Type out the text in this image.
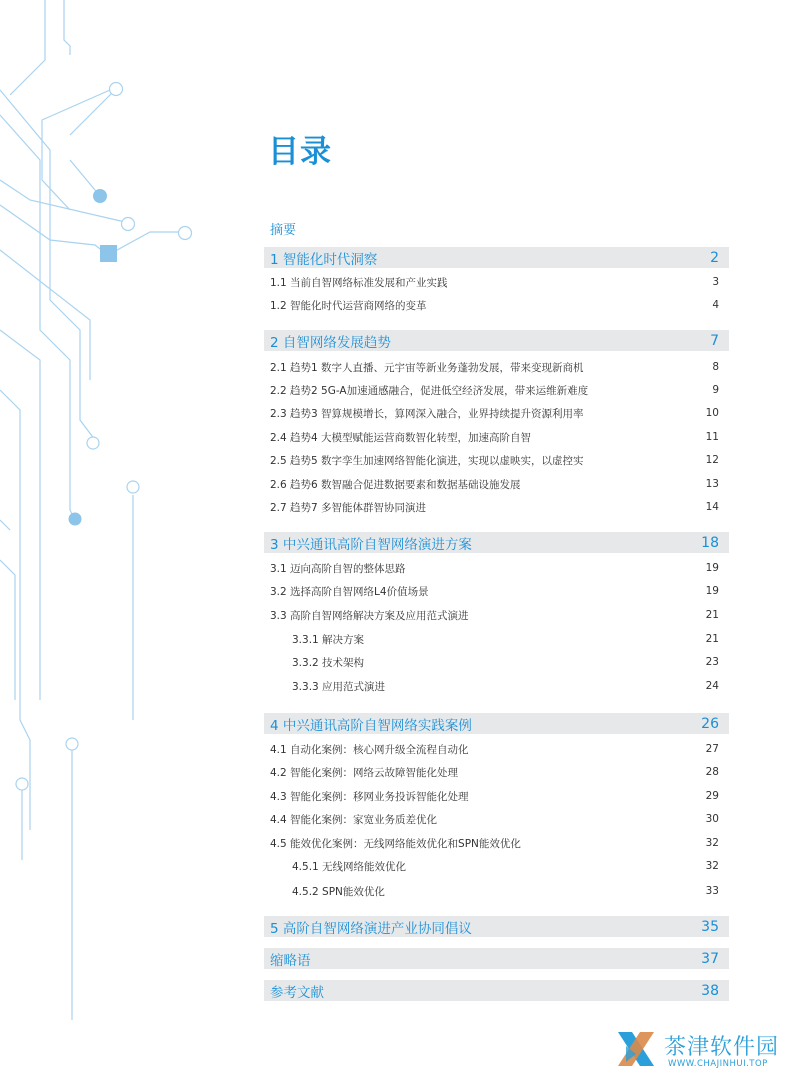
目录
摘要
1 智能化时代洞察	2
1.1 当前自智网络标准发展和产业实践	3
1.2 智能化时代运营商网络的变革	4
2 自智网络发展趋势	7
2.1 趋势1 数字人直播、元宇宙等新业务蓬勃发展，带来变现新商机	8
2.2 趋势2 5G-A加速通感融合，促进低空经济发展，带来运维新难度	9
2.3 趋势3 智算规模增长，算网深入融合，业界持续提升资源利用率	10
2.4 趋势4 大模型赋能运营商数智化转型，加速高阶自智	11
2.5 趋势5 数字孪生加速网络智能化演进，实现以虚映实，以虚控实	12
2.6 趋势6 数智融合促进数据要素和数据基础设施发展	13
2.7 趋势7 多智能体群智协同演进	14
3 中兴通讯高阶自智网络演进方案	18
3.1 迈向高阶自智的整体思路	19
3.2 选择高阶自智网络L4价值场景	19
3.3 高阶自智网络解决方案及应用范式演进	21
3.3.1 解决方案	21
3.3.2 技术架构	23
3.3.3 应用范式演进	24
4 中兴通讯高阶自智网络实践案例	26
4.1 自动化案例：核心网升级全流程自动化	27
4.2 智能化案例：网络云故障智能化处理	28
4.3 智能化案例：移网业务投诉智能化处理	29
4.4 智能化案例：家宽业务质差优化	30
4.5 能效优化案例：无线网络能效优化和SPN能效优化	32
4.5.1 无线网络能效优化	32
4.5.2 SPN能效优化	33
5 高阶自智网络演进产业协同倡议	35
缩略语	37
参考文献	38
茶津软件园
WWW.CHAJINHUI.TOP
